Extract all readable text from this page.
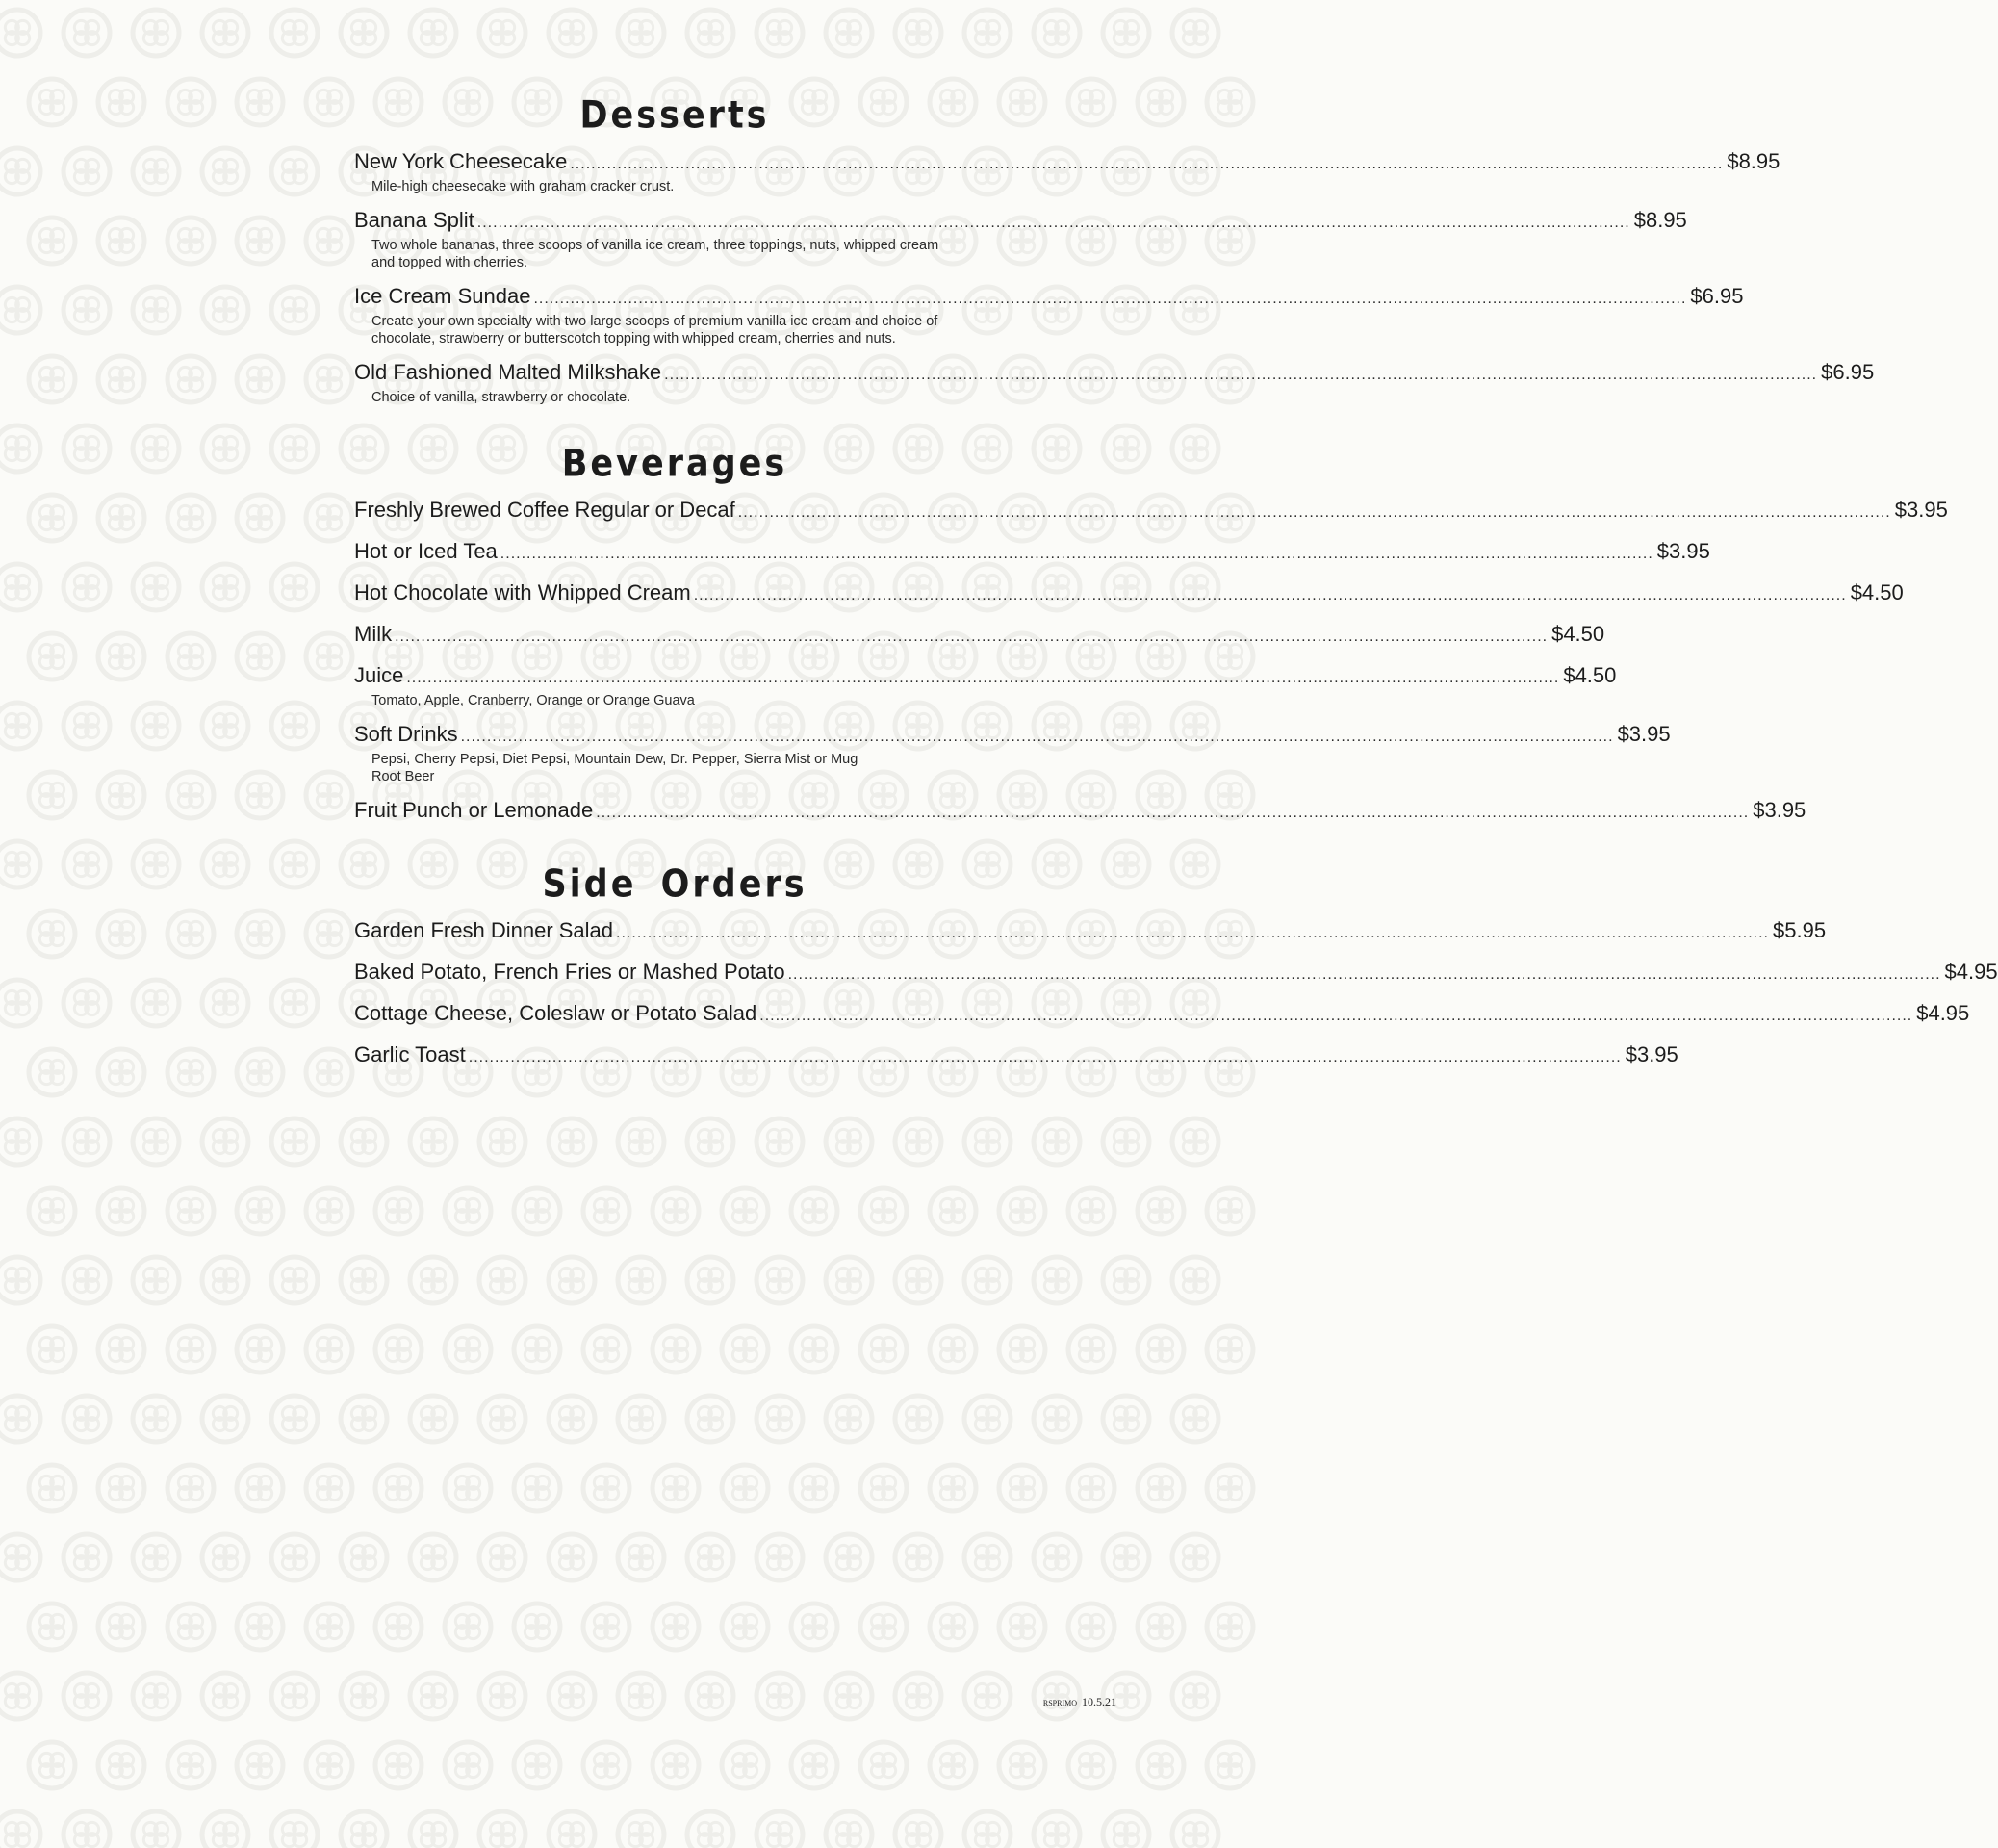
Desserts
New York Cheesecake ............................................................................................................................................................................................................................ $8.95
Mile-high cheesecake with graham cracker crust.
Banana Split ............................................................................................................................................................................................................................ $8.95
Two whole bananas, three scoops of vanilla ice cream, three toppings, nuts, whipped cream and topped with cherries.
Ice Cream Sundae ............................................................................................................................................................................................................................ $6.95
Create your own specialty with two large scoops of premium vanilla ice cream and choice of chocolate, strawberry or butterscotch topping with whipped cream, cherries and nuts.
Old Fashioned Malted Milkshake ............................................................................................................................................................................................................................ $6.95
Choice of vanilla, strawberry or chocolate.
Beverages
Freshly Brewed Coffee Regular or Decaf ............................................................................................................................................................................................................................ $3.95
Hot or Iced Tea ............................................................................................................................................................................................................................ $3.95
Hot Chocolate with Whipped Cream ............................................................................................................................................................................................................................ $4.50
Milk ............................................................................................................................................................................................................................ $4.50
Juice ............................................................................................................................................................................................................................ $4.50
Tomato, Apple, Cranberry, Orange or Orange Guava
Soft Drinks ............................................................................................................................................................................................................................ $3.95
Pepsi, Cherry Pepsi, Diet Pepsi, Mountain Dew, Dr. Pepper, Sierra Mist or Mug Root Beer
Fruit Punch or Lemonade ............................................................................................................................................................................................................................ $3.95
Side Orders
Garden Fresh Dinner Salad ............................................................................................................................................................................................................................ $5.95
Baked Potato, French Fries or Mashed Potato ............................................................................................................................................................................................................................ $4.95
Cottage Cheese, Coleslaw or Potato Salad ............................................................................................................................................................................................................................ $4.95
Garlic Toast ............................................................................................................................................................................................................................ $3.95
RSPRIMO 10.5.21
